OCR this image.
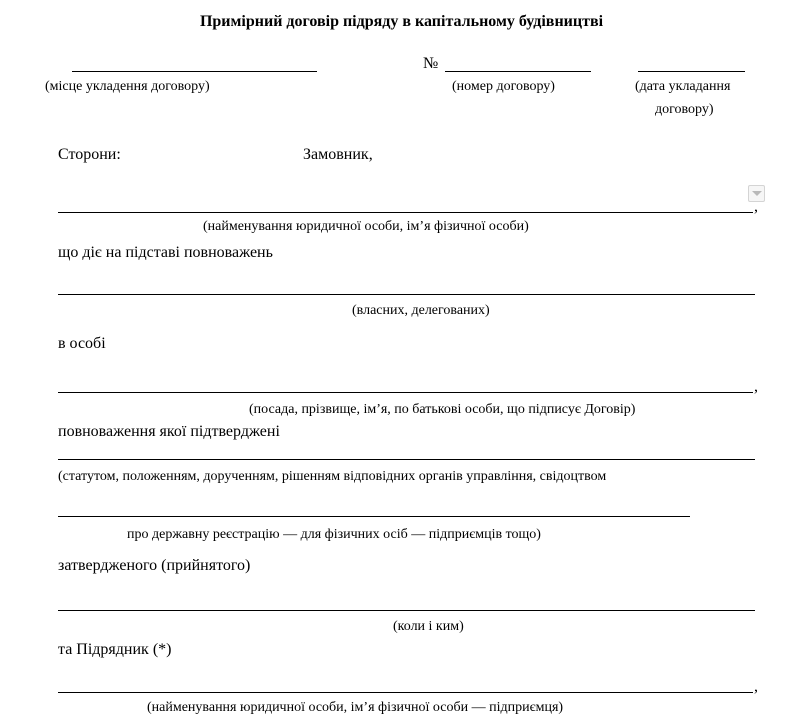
Примірний договір підряду в капітальному будівництві
№
(місце укладення договору)	(номер договору)	(дата укладання
договору)
Сторони:	Замовник,
,
(найменування юридичної особи, ім’я фізичної особи)
що діє на підставі повноважень
(власних, делегованих)
в особі
,
(посада, прізвище, ім’я, по батькові особи, що підписує Договір)
повноваження якої підтверджені
(статутом, положенням, дорученням, рішенням відповідних органів управління, свідоцтвом
про державну реєстрацію — для фізичних осіб — підприємців тощо)
затвердженого (прийнятого)
(коли і ким)
та Підрядник (*)
,
(найменування юридичної особи, ім’я фізичної особи — підприємця)
